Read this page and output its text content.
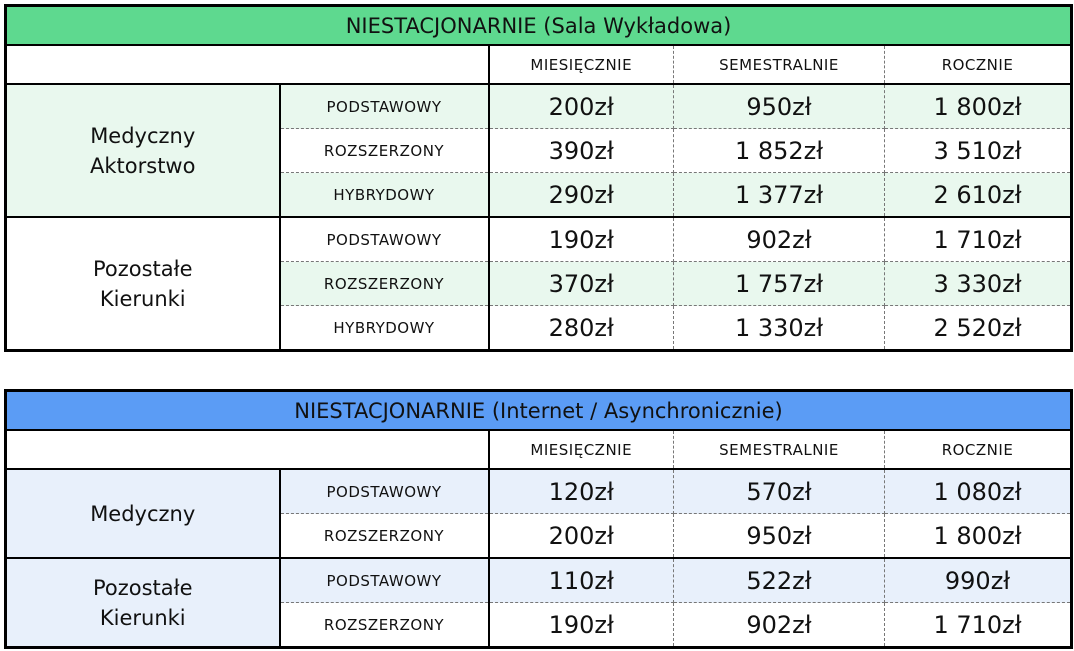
NIESTACJONARNIE (Sala Wykładowa)				
		MIESIĘCZNIE	SEMESTRALNIE	ROCZNIE

Medyczny
Aktorstwo	PODSTAWOWY	200zł	950zł	1 800zł
	ROZSZERZONY	390zł	1 852zł	3 510zł
	HYBRYDOWY	290zł	1 377zł	2 610zł

Pozostałe
Kierunki	PODSTAWOWY	190zł	902zł	1 710zł
	ROZSZERZONY	370zł	1 757zł	3 330zł
	HYBRYDOWY	280zł	1 330zł	2 520zł
NIESTACJONARNIE (Internet / Asynchronicznie)				
		MIESIĘCZNIE	SEMESTRALNIE	ROCZNIE

Medyczny	PODSTAWOWY	120zł	570zł	1 080zł
	ROZSZERZONY	200zł	950zł	1 800zł

Pozostałe
Kierunki	PODSTAWOWY	110zł	522zł	990zł
	ROZSZERZONY	190zł	902zł	1 710zł
